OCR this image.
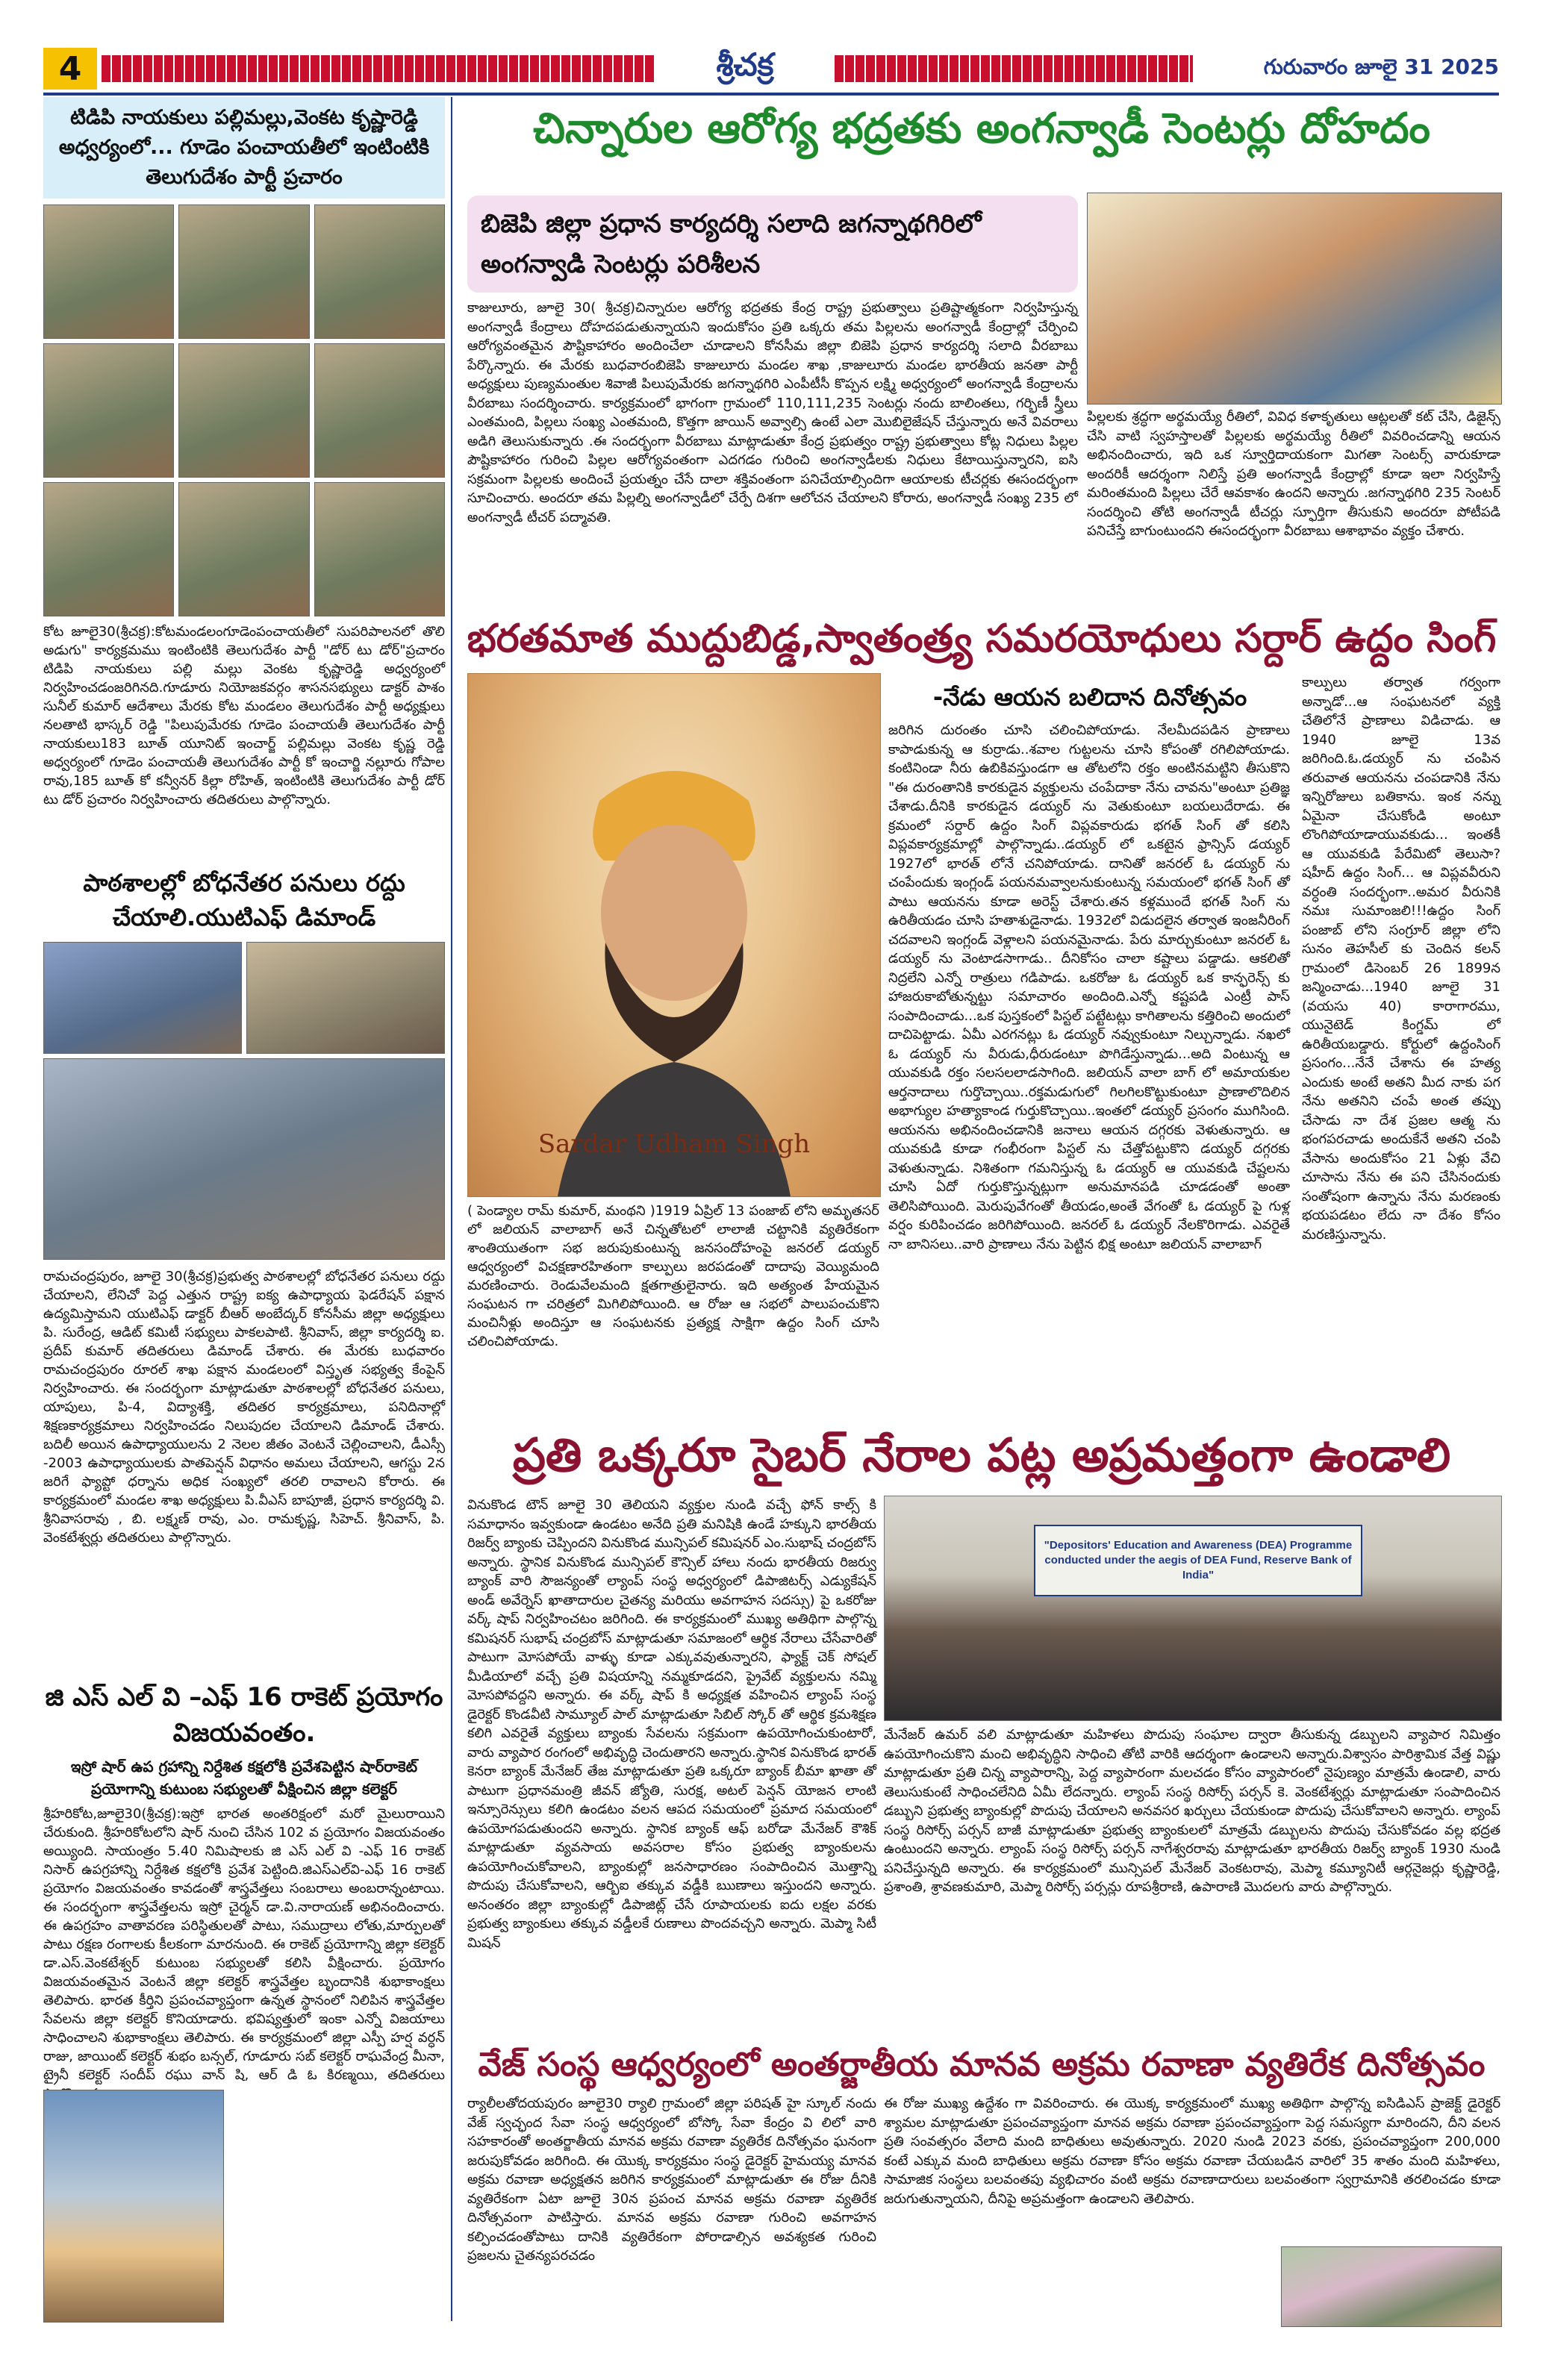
4	శ్రీచక్ర	గురువారం జూలై 31 2025
టిడిపి నాయకులు పల్లిమల్లు,వెంకట కృష్ణారెడ్డి అధ్వర్యంలో... గూడెం పంచాయతీలో ఇంటింటికి తెలుగుదేశం పార్టీ ప్రచారం
కోట జూలై30(శ్రీచక్ర):కోటమండలంగూడెంపంచాయతీలో సుపరిపాలనలో తొలి అడుగు" కార్యక్రమము ఇంటింటికి తెలుగుదేశం పార్టీ "డోర్ టు డోర్"ప్రచారం టిడిపి నాయకులు పల్లి మల్లు వెంకట కృష్ణారెడ్డి అధ్వర్యంలో నిర్వహించడంజరిగినది.గూడూరు నియోజకవర్గం శాసనసభ్యులు డాక్టర్ పాశం సునీల్ కుమార్ ఆదేశాలు మేరకు కోట మండలం తెలుగుదేశం పార్టీ అధ్యక్షులు నలతాటి భాస్కర్ రెడ్డి "పిలుపుమేరకు గూడెం పంచాయతీ తెలుగుదేశం పార్టీ నాయకులు183 బూత్ యూనిట్ ఇంచార్జ్ పల్లిమల్లు వెంకట కృష్ణ రెడ్డి అధ్వర్యంలో గూడెం పంచాయతీ తెలుగుదేశం పార్టీ కో ఇంచార్జి నల్లూరు గోపాల రావు,185 బూత్ కో కన్వీనర్ కిల్లా రోహిత్, ఇంటింటికి తెలుగుదేశం పార్టీ డోర్ టు డోర్ ప్రచారం నిర్వహించారు తదితరులు పాల్గొన్నారు.
పాఠశాలల్లో బోధనేతర పనులు రద్దు చేయాలి.యుటిఎఫ్ డిమాండ్
రామచంద్రపురం, జూలై 30(శ్రీచక్ర)ప్రభుత్వ పాఠశాలల్లో బోధనేతర పనులు రద్దు చేయాలని, లేనిచో పెద్ద ఎత్తున రాష్ట్ర ఐక్య ఉపాధ్యాయ ఫెడరేషన్ పక్షాన ఉద్యమిస్తామని యుటిఎఫ్ డాక్టర్ బీఆర్ అంబేద్కర్ కోనసీమ జిల్లా అధ్యక్షులు పి. సురేంద్ర, ఆడిట్ కమిటీ సభ్యులు పాకలపాటి. శ్రీనివాస్, జిల్లా కార్యదర్శి ఐ. ప్రదీప్ కుమార్ తదితరులు డిమాండ్ చేశారు. ఈ మేరకు బుధవారం రామచంద్రపురం రూరల్ శాఖ పక్షాన మండలంలో విస్తృత సభ్యత్వ కేంపైన్ నిర్వహించారు. ఈ సందర్భంగా మాట్లాడుతూ పాఠశాలల్లో బోధనేతర పనులు, యాపులు, పి-4, విద్యాశక్తి, తదితర కార్యక్రమాలు, పనిదినాల్లో శిక్షణకార్యక్రమాలు నిర్వహించడం నిలుపుదల చేయాలని డిమాండ్ చేశారు. బదిలీ అయిన ఉపాధ్యాయులను 2 నెలల జీతం వెంటనే చెల్లించాలని, డీఎస్సీ -2003 ఉపాధ్యాయులకు పాతపెన్షన్ విధానం అమలు చేయాలని, ఆగస్టు 2న జరిగే ఫ్యాప్టో ధర్నాను అధిక సంఖ్యలో తరలి రావాలని కోరారు. ఈ కార్యక్రమంలో మండల శాఖ అధ్యక్షులు పి.వీఎస్ బాపూజీ, ప్రధాన కార్యదర్శి వి. శ్రీనివాసరావు , బి. లక్ష్మణ్ రావు, ఎం. రామకృష్ణ, సిహెచ్. శ్రీనివాస్, పి. వెంకటేశ్వర్లు తదితరులు పాల్గొన్నారు.
జి ఎస్ ఎల్ వి –ఎఫ్ 16 రాకెట్ ప్రయోగం విజయవంతం.
ఇస్రో షార్ ఉప గ్రహాన్ని నిర్దేశిత కక్షలోకి ప్రవేశపెట్టిన షార్‌రాకెట్ ప్రయోగాన్ని కుటుంబ సభ్యులతో వీక్షించిన జిల్లా కలెక్టర్
శ్రీహరికోట,జూలై30(శ్రీచక్ర):ఇస్రో భారత అంతరిక్షంలో మరో మైలురాయిని చేరుకుంది. శ్రీహరికోటలోని షార్ నుంచి చేసిన 102 వ ప్రయోగం విజయవంతం అయ్యింది. సాయంత్రం 5.40 నిమిషాలకు జి ఎస్ ఎల్ వి -ఎఫ్ 16 రాకెట్ నిసార్ ఉపగ్రహాన్ని నిర్దేశిత కక్షలోకి ప్రవేశ పెట్టింది.జిఎస్‌ఎల్‌వి-ఎఫ్ 16 రాకెట్ ప్రయోగం విజయవంతం కావడంతో శాస్త్రవేత్తలు సంబరాలు అంబరాన్నంటాయి. ఈ సందర్భంగా శాస్త్రవేత్తలను ఇస్రో చైర్మన్ డా.వి.నారాయణ్ అభినందించారు. ఈ ఉపగ్రహం వాతావరణ పరిస్థితులతో పాటు, సముద్రాలు లోతు,మార్పులతో పాటు రక్షణ రంగాలకు కీలకంగా మారనుంది. ఈ రాకెట్ ప్రయోగాన్ని జిల్లా కలెక్టర్ డా.ఎస్.వెంకటేశ్వర్ కుటుంబ సభ్యులతో కలిసి వీక్షించారు. ప్రయోగం విజయవంతమైన వెంటనే జిల్లా కలెక్టర్ శాస్త్రవేత్తల బృందానికి శుభాకాంక్షలు తెలిపారు. భారత కీర్తిని ప్రపంచవ్యాప్తంగా ఉన్నత స్థానంలో నిలిపిన శాస్త్రవేత్తల సేవలను జిల్లా కలెక్టర్ కొనియాడారు. భవిష్యత్తులో ఇంకా ఎన్నో విజయాలు సాధించాలని శుభాకాంక్షలు తెలిపారు. ఈ కార్యక్రమంలో జిల్లా ఎస్పీ హర్ష వర్ధన్ రాజు, జాయింట్ కలెక్టర్ శుభం బన్సల్, గూడూరు సబ్ కలెక్టర్ రాఘవేంద్ర మీనా, ట్రైనీ కలెక్టర్ సందీప్ రఘు వాన్ షి, ఆర్ డి ఓ కిరణ్మయి, తదితరులు
చిన్నారుల ఆరోగ్య భద్రతకు అంగన్వాడీ సెంటర్లు దోహదం
బిజెపి జిల్లా ప్రధాన కార్యదర్శి సలాది జగన్నాథగిరిలో అంగన్వాడి సెంటర్లు పరిశీలన
కాజులూరు, జూలై 30( శ్రీచక్ర)చిన్నారుల ఆరోగ్య భద్రతకు కేంద్ర రాష్ట్ర ప్రభుత్వాలు ప్రతిష్టాత్మకంగా నిర్వహిస్తున్న అంగన్వాడీ కేంద్రాలు దోహదపడుతున్నాయని ఇందుకోసం ప్రతి ఒక్కరు తమ పిల్లలను అంగన్వాడీ కేంద్రాల్లో చేర్పించి ఆరోగ్యవంతమైన పౌష్టికాహారం అందించేలా చూడాలని కోనసీమ జిల్లా బిజెపి ప్రధాన కార్యదర్శి సలాది వీరబాబు పేర్కొన్నారు. ఈ మేరకు బుధవారంబిజెపి కాజులూరు మండల శాఖ ,కాజులూరు మండల భారతీయ జనతా పార్టీ అధ్యక్షులు పుణ్యమంతుల శివాజీ పిలుపుమేరకు జగన్నాథగిరి ఎంపీటీసీ కొప్పన లక్ష్మి అధ్వర్యంలో అంగన్వాడీ కేంద్రాలను వీరబాబు సందర్శించారు. కార్యక్రమంలో భాగంగా గ్రామంలో 110,111,235 సెంటర్లు నందు బాలింతలు, గర్భిణీ స్త్రీలు ఎంతమంది, పిల్లలు సంఖ్య ఎంతమంది, కొత్తగా జాయిన్ అవ్వాల్సి ఉంటే ఎలా మొబిలైజేషన్ చేస్తున్నారు అనే వివరాలు అడిగి తెలుసుకున్నారు .ఈ సందర్భంగా వీరబాబు మాట్లాడుతూ కేంద్ర ప్రభుత్వం రాష్ట్ర ప్రభుత్వాలు కోట్ల నిధులు పిల్లల పౌష్టికాహారం గురించి పిల్లల ఆరోగ్యవంతంగా ఎదగడం గురించి అంగన్వాడీలకు నిధులు కేటాయిస్తున్నారని, ఐసి సక్రమంగా పిల్లలకు అందించే ప్రయత్నం చేసే దాలా శక్తివంతంగా పనిచేయాల్సిందిగా ఆయాలకు టీచర్లకు ఈసందర్భంగా సూచించారు. అందరూ తమ పిల్లల్ని అంగన్వాడీలో చేర్పే దిశగా ఆలోచన చేయాలని కోరారు, అంగన్వాడీ సంఖ్య 235 లో అంగన్వాడీ టీచర్ పద్మావతి.
పిల్లలకు శ్రద్ధగా అర్థమయ్యే రీతిలో, వివిధ కళాకృతులు ఆట్లలతో కట్ చేసి, డిజైన్స్ చేసి వాటి స్వహస్తాలతో పిల్లలకు అర్థమయ్యే రీతిలో వివరించడాన్ని ఆయన అభినందించారు, ఇది ఒక స్వూర్తిదాయకంగా మిగతా సెంటర్స్ వారుకూడా అందరికీ ఆదర్శంగా నిలిస్తే ప్రతి అంగన్వాడీ కేంద్రాల్లో కూడా ఇలా నిర్వహిస్తే మరింతమంది పిల్లలు చేరే ఆవకాశం ఉందని అన్నారు .జగన్నాథగిరి 235 సెంటర్ సందర్శించి తోటి అంగన్వాడీ టీచర్లు స్ఫూర్తిగా తీసుకుని అందరూ పోటీపడి పనిచేస్తే బాగుంటుందని ఈసందర్భంగా వీరబాబు ఆశాభావం వ్యక్తం చేశారు.
భరతమాత ముద్దుబిడ్డ,స్వాతంత్ర్య సమరయోధులు సర్దార్ ఉద్దం సింగ్
Sardar Udham Singh
( పెండ్యాల రామ్ కుమార్, మంథని )1919 ఏప్రిల్ 13 పంజాబ్ లోని అమృతసర్ లో జలియన్ వాలాబాగ్ అనే చిన్నతోటలో లాలాజీ చట్టానికి వ్యతిరేకంగా శాంతియుతంగా సభ జరుపుకుంటున్న జనసందోహంపై జనరల్ డయ్యర్ ఆధ్వర్యంలో విచక్షణారహితంగా కాల్పులు జరపడంతో దాదాపు వెయ్యిమంది మరణించారు. రెండువేలమంది క్షతగాత్రులైనారు. ఇది అత్యంత హేయమైన సంఘటన గా చరిత్రలో మిగిలిపోయింది. ఆ రోజు ఆ సభలో పాలుపంచుకొని మంచినీళ్లు అందిస్తూ ఆ సంఘటనకు ప్రత్యక్ష సాక్షిగా ఉద్దం సింగ్ చూసి చలించిపోయాడు.
-నేడు ఆయన బలిదాన దినోత్సవం
జరిగిన దురంతం చూసి చలించిపోయాడు. నేలమీదపడిన ప్రాణాలు కాపాడుకున్న ఆ కుర్రాడు..శవాల గుట్టలను చూసి కోపంతో రగిలిపోయాడు. కంటినిండా నీరు ఉబికివస్తుండగా ఆ తోటలోని రక్తం అంటినమట్టిని తీసుకొని "ఈ దురంతానికి కారకుడైన వ్యక్తులను చంపేదాకా నేను చావను"అంటూ ప్రతిజ్ఞ చేశాడు.దీనికి కారకుడైన డయ్యర్ ను వెతుకుంటూ బయలుదేరాడు. ఈ క్రమంలో సర్దార్ ఉద్దం సింగ్ విప్లవకారుడు భగత్ సింగ్ తో కలిసి విప్లవకార్యక్రమాల్లో పాల్గొన్నాడు..డయ్యర్ లో ఒకటైన ఫ్రాన్సిస్ డయ్యర్ 1927లో భారత్ లోనే చనిపోయాడు. దానితో జనరల్ ఓ డయ్యర్ ను చంపేందుకు ఇంగ్లండ్ పయనమవ్వాలనుకుంటున్న సమయంలో భగత్ సింగ్ తో పాటు ఆయనను కూడా అరెస్ట్ చేశారు.తన కళ్లముందే భగత్ సింగ్ ను ఉరితీయడం చూసి హతాశుడైనాడు. 1932లో విడుదలైన తర్వాత ఇంజనీరింగ్ చదవాలని ఇంగ్లండ్ వెళ్లాలని పయనమైనాడు. పేరు మార్చుకుంటూ జనరల్ ఓ డయ్యర్ ను వెంటాడసాగాడు.. దీనికోసం చాలా కష్టాలు పడ్డాడు. ఆకలితో నిద్రలేని ఎన్నో రాత్రులు గడిపాడు. ఒకరోజు ఓ డయ్యర్ ఒక కాన్ఫరెన్స్ కు హాజరుకాబోతున్నట్టు సమాచారం అందింది.ఎన్నో కష్టపడి ఎంట్రీ పాస్ సంపాదించాడు...ఒక పుస్తకంలో పిస్టల్ పట్టేటట్లు కాగితాలను కత్తిరించి అందులో దాచిపెట్టాడు. ఏమీ ఎరగనట్లు ఓ డయ్యర్ నవ్వుకుంటూ నిల్చున్నాడు. నఖలో ఓ డయ్యర్ ను వీరుడు,ధీరుడంటూ పొగిడేస్తున్నాడు...అది వింటున్న ఆ యువకుడి రక్తం సలసలలాడసాగింది. జలియన్ వాలా బాగ్ లో అమాయకుల ఆర్తనాదాలు గుర్తొచ్చాయి..రక్తమడుగులో గిలగిలకొట్టుకుంటూ ప్రాణాలొదిలిన అభాగ్యుల హత్యాకాండ గుర్తుకొచ్చాయి..ఇంతలో డయ్యర్ ప్రసంగం ముగిసింది. ఆయనను అభినందించడానికి జనాలు ఆయన దగ్గరకు వెళుతున్నారు. ఆ యువకుడి కూడా గంభీరంగా పిస్టల్ ను చేత్తోపట్టుకొని డయ్యర్ దగ్గరకు వెళుతున్నాడు. నిశితంగా గమనిస్తున్న ఓ డయ్యర్ ఆ యువకుడి చేష్టలను చూసి ఏదో గుర్తుకొస్తున్నట్లుగా అనుమానపడి చూడడంతో అంతా తెలిసిపోయింది. మెరుపువేగంతో తీయడం,అంతే వేగంతో ఓ డయ్యర్ పై గుళ్ల వర్షం కురిపించడం జరిగిపోయింది. జనరల్ ఓ డయ్యర్ నేలకొరిగాడు. ఎవరైతే నా బానిసలు..వారి ప్రాణాలు నేను పెట్టిన భిక్ష అంటూ జలియన్ వాలాబాగ్
కాల్పులు తర్వాత గర్వంగా అన్నాడో...ఆ సంఘటనలో వ్యక్తి చేతిలోనే ప్రాణాలు విడిచాడు. ఆ 1940 జూలై 13వ జరిగింది.ఓ.డయ్యర్ ను చంపిన తరువాత ఆయనను చంపడానికి నేను ఇన్నిరోజులు బతికాను. ఇంక నన్ను ఏమైనా చేసుకోండి అంటూ లొంగిపోయాడాయువకుడు... ఇంతకీ ఆ యువకుడి పేరేమిటో తెలుసా? షహీద్ ఉద్దం సింగ్... ఆ విప్లవవీరుని వర్ధంతి సందర్భంగా..అమర వీరునికి నమః సుమాంజలి!!!ఉద్దం సింగ్ పంజాబ్ లోని సంగ్రూర్ జిల్లా లోని సునం తెహసీల్ కు చెందిన కలన్ గ్రామంలో డిసెంబర్ 26 1899న జన్మించాడు...1940 జూలై 31 (వయసు 40) కారాగారము, యునైటెడ్ కింగ్డమ్ లో ఉరితీయబడ్డారు. కోర్టులో ఉద్దంసింగ్ ప్రసంగం...నేనే చేశాను ఈ హత్య ఎందుకు అంటే అతని మీద నాకు పగ నేను అతనిని చంపే అంత తప్పు చేసాడు నా దేశ ప్రజల ఆత్మ ను భంగపరచాడు అందుకేనే అతని చంపి వేసాను అందుకోసం 21 ఏళ్లు వేచి చూసాను నేను ఈ పని చేసినందుకు సంతోషంగా ఉన్నాను నేను మరణంకు భయపడటం లేదు నా దేశం కోసం మరణిస్తున్నాను.
ప్రతి ఒక్కరూ సైబర్ నేరాల పట్ల అప్రమత్తంగా ఉండాలి
వినుకొండ టౌన్ జూలై 30 తెలియని వ్యక్తుల నుండి వచ్చే ఫోన్ కాల్స్ కి సమాధానం ఇవ్వకుండా ఉండటం అనేది ప్రతి మనిషికి ఉండే హక్కుని భారతీయ రిజర్వ్ బ్యాంకు చెప్పిందని వినుకొండ మున్సిపల్ కమిషనర్ ఎం.సుభాష్ చంద్రబోస్ అన్నారు. స్థానిక వినుకొండ మున్సిపల్ కౌన్సిల్ హాలు నందు భారతీయ రిజర్వు బ్యాంక్ వారి సౌజన్యంతో ల్యాంప్ సంస్థ అధ్వర్యంలో డిపాజిటర్స్ ఎడ్యుకేషన్ అండ్ అవేర్నెస్ ఖాతాదారుల చైతన్య మరియు అవగాహన సదస్సు) పై ఒకరోజు వర్క్ షాప్ నిర్వహించటం జరిగింది. ఈ కార్యక్రమంలో ముఖ్య అతిథిగా పాల్గొన్న కమిషనర్ సుభాష్ చంద్రబోస్ మాట్లాడుతూ సమాజంలో ఆర్థిక నేరాలు చేసేవారితో పాటుగా మోసపోయే వాళ్ళు కూడా ఎక్కువవుతున్నారని, ఫ్యాక్ట్ చెక్ సోషల్ మీడియాలో వచ్చే ప్రతి విషయాన్ని నమ్మకూడదని, ప్రైవేట్ వ్యక్తులను నమ్మి మోసపోవద్దని అన్నారు. ఈ వర్క్ షాప్ కి అధ్యక్షత వహించిన ల్యాంప్ సంస్థ డైరెక్టర్ కొండవీటి సామ్యూల్ పాల్ మాట్లాడుతూ సిబిల్ స్కోర్ తో ఆర్థిక క్రమశిక్షణ కలిగి ఎవరైతే వ్యక్తులు బ్యాంకు సేవలను సక్రమంగా ఉపయోగించుకుంటారో, వారు వ్యాపార రంగంలో అభివృద్ధి చెందుతారని అన్నారు.స్థానిక వినుకొండ భారత్ కెనరా బ్యాంక్ మేనేజర్ తేజ మాట్లాడుతూ ప్రతి ఒక్కరూ బ్యాంక్ బీమా ఖాతా తో పాటుగా ప్రధానమంత్రి జీవన్ జ్యోతి, సురక్ష, అటల్ పెన్షన్ యోజన లాంటి ఇన్సూరెన్సులు కలిగి ఉండటం వలన ఆపద సమయంలో ప్రమాద సమయంలో ఉపయోగపడుతుందని అన్నారు. స్థానిక బ్యాంక్ ఆఫ్ బరోడా మేనేజర్ కౌశిక్ మాట్లాడుతూ వ్యవసాయ అవసరాల కోసం ప్రభుత్వ బ్యాంకులను ఉపయోగించుకోవాలని, బ్యాంకుల్లో జనసాధారణం సంపాదించిన మొత్తాన్ని పొదుపు చేసుకోవాలని, ఆర్బిఐ తక్కువ వడ్డీకి ఋణాలు ఇస్తుందని అన్నారు. అనంతరం జిల్లా బ్యాంకుల్లో డిపాజిట్ల్ చేసే రూపాయలకు ఐదు లక్షల వరకు ప్రభుత్వ బ్యాంకులు తక్కువ వడ్డీలకే రుణాలు పొందవచ్చని అన్నారు. మెప్మా సిటీ మిషన్
"Depositors' Education and Awareness (DEA) Programme conducted under the aegis of DEA Fund, Reserve Bank of India"
మేనేజర్ ఉమర్ వలి మాట్లాడుతూ మహిళలు పొదుపు సంఘాల ద్వారా తీసుకున్న డబ్బులని వ్యాపార నిమిత్తం ఉపయోగించుకొని మంచి అభివృద్ధిని సాధించి తోటి వారికి ఆదర్శంగా ఉండాలని అన్నారు.విశ్వాసం పారిశ్రామిక వేత్త విష్ణు మాట్లాడుతూ ప్రతి చిన్న వ్యాపారాన్ని, పెద్ద వ్యాపారంగా మలచడం కోసం వ్యాపారంలో నైపుణ్యం మాత్రమే ఉండాలి, వారు తెలుసుకుంటే సాధించలేనిది ఏమీ లేదన్నారు. ల్యాంప్ సంస్థ రిసోర్స్ పర్సన్ కె. వెంకటేశ్వర్లు మాట్లాడుతూ సంపాదించిన డబ్బుని ప్రభుత్వ బ్యాంకుల్లో పొదుపు చేయాలని అనవసర ఖర్చులు చేయకుండా పొదుపు చేసుకోవాలని అన్నారు. ల్యాంప్ సంస్థ రిసోర్స్ పర్సన్ బాజీ మాట్లాడుతూ ప్రభుత్వ బ్యాంకులలో మాత్రమే డబ్బులను పొదుపు చేసుకోవడం వల్ల భద్రత ఉంటుందని అన్నారు. ల్యాంప్ సంస్థ రిసోర్స్ పర్సన్ నాగేశ్వరరావు మాట్లాడుతూ భారతీయ రిజర్వ్ బ్యాంక్ 1930 నుండి పనిచేస్తున్నది అన్నారు. ఈ కార్యక్రమంలో మున్సిపల్ మేనేజర్ వెంకటరావు, మెప్మా కమ్యూనిటీ ఆర్గనైజర్లు కృష్ణారెడ్డి, ప్రశాంతి, శ్రావణకుమారి, మెప్మా రిసోర్స్ పర్సన్లు రూపశ్రీరాణి, ఉపారాణి మొదలగు వారు పాల్గొన్నారు.
వేజ్ సంస్థ ఆధ్వర్యంలో అంతర్జాతీయ మానవ అక్రమ రవాణా వ్యతిరేక దినోత్సవం
ర్యాలీలతోదయపురం జూలై30 ర్యాలి గ్రామంలో జిల్లా పరిషత్ హై స్కూల్ నందు వేజ్ స్వచ్ఛంద సేవా సంస్థ ఆధ్వర్యంలో బోస్కో సేవా కేంద్రం వి లిలో వారి సహకారంతో అంతర్జాతీయ మానవ అక్రమ రవాణా వ్యతిరేక దినోత్సవం ఘనంగా జరుపుకోవడం జరిగింది. ఈ యొక్క కార్యక్రమం సంస్థ డైరెక్టర్ హైమయ్య మానవ అక్రమ రవాణా అధ్యక్షతన జరిగిన కార్యక్రమంలో మాట్లాడుతూ ఈ రోజు దీనికి వ్యతిరేకంగా ఏటా జూలై 30న ప్రపంచ మానవ అక్రమ రవాణా వ్యతిరేక దినోత్సవంగా పాటిస్తారు. మానవ అక్రమ రవాణా గురించి అవగాహన కల్పించడంతోపాటు దానికి వ్యతిరేకంగా పోరాడాల్సిన అవశ్యకత గురించి ప్రజలను చైతన్యపరచడం
ఈ రోజు ముఖ్య ఉద్దేశం గా వివరించారు. ఈ యొక్క కార్యక్రమంలో ముఖ్య అతిథిగా పాల్గొన్న ఐసిడిఎస్ ప్రాజెక్ట్ డైరెక్టర్ శ్యామల మాట్లాడుతూ ప్రపంచవ్యాప్తంగా మానవ అక్రమ రవాణా ప్రపంచవ్యాప్తంగా పెద్ద సమస్యగా మారిందని, దీని వలన ప్రతి సంవత్సరం వేలాది మంది బాధితులు అవుతున్నారు. 2020 నుండి 2023 వరకు, ప్రపంచవ్యాప్తంగా 200,000 కంటే ఎక్కువ మంది బాధితులు అక్రమ రవాణా కోసం అక్రమ రవాణా చేయబడిన వారిలో 35 శాతం మంది మహిళలు, సామాజిక సంస్థలు బలవంతపు వ్యభిచారం వంటి అక్రమ రవాణాదారులు బలవంతంగా స్వగ్రామానికి తరలించడం కూడా జరుగుతున్నాయని, దీనిపై అప్రమత్తంగా ఉండాలని తెలిపారు.
